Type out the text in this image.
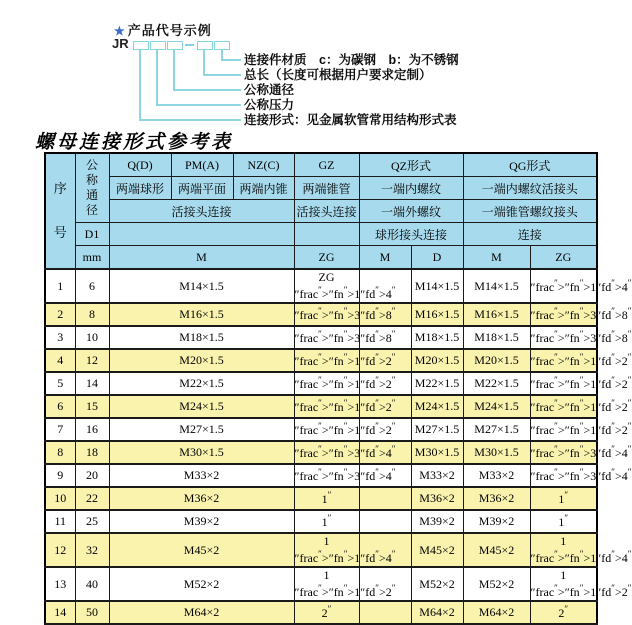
★ 产品代号示例
JR
连接件材质　c：为碳钢　b：为不锈钢
总长（长度可根据用户要求定制）
公称通径
公称压力
连接形式：见金属软管常用结构形式表
螺母连接形式参考表
序号	公称通径	Q(D)	PM(A)	NZ(C)	GZ	QZ形式		QG形式	
		两端球形	两端平面	两端内锥	两端锥管	一端内螺纹		一端内螺纹活接头	
		活接头连接			活接头连接	一端外螺纹		一端锥管螺纹接头	
	D1					球形接头连接		连接	
	mm	M			ZG	M	D	M	ZG
1	6	M14×1.5			ZG ″frac″>″fn″>1″ ″ ″		M14×1.5	M14×1.5	″frac″>″fn″>1″fd″>4″
2	8	M16×1.5			″frac″>″fn″>3″ ″ ″		M16×1.5	M16×1.5	″frac″>″fn″>3″fd″>8″
3	10	M18×1.5			″frac″>″fn″>3″ ″ ″		M18×1.5	M18×1.5	″frac″>″fn″>3″fd″>8″
4	12	M20×1.5			″frac″>″fn″>1″ ″ ″		M20×1.5	M20×1.5	″frac″>″fn″>1″fd″>2″
5	14	M22×1.5			″frac″>″fn″>1″ ″ ″		M22×1.5	M22×1.5	″frac″>″fn″>1″fd″>2″
6	15	M24×1.5			″frac″>″fn″>1″ ″ ″		M24×1.5	M24×1.5	″frac″>″fn″>1″fd″>2″
7	16	M27×1.5			″frac″>″fn″>1″ ″ ″		M27×1.5	M27×1.5	″frac″>″fn″>1″fd″>2″
8	18	M30×1.5			″frac″>″fn″>3″ ″ ″		M30×1.5	M30×1.5	″frac″>″fn″>3″fd″>4″
9	20	M33×2			″frac″>″fn″>3″ ″ ″		M33×2	M33×2	″frac″>″fn″>3″fd″>4″
10	22	M36×2			1″		M36×2	M36×2	1″
11	25	M39×2			1″		M39×2	M39×2	1″
12	32	M45×2			1 ″frac″>″fn″>1″ ″ ″		M45×2	M45×2	1 ″frac″>″fn″>1″fd″>4″
13	40	M52×2			1 ″frac″>″fn″>1″ ″ ″		M52×2	M52×2	1 ″frac″>″fn″>1″fd″>2″
14	50	M64×2			2″		M64×2	M64×2	2″
